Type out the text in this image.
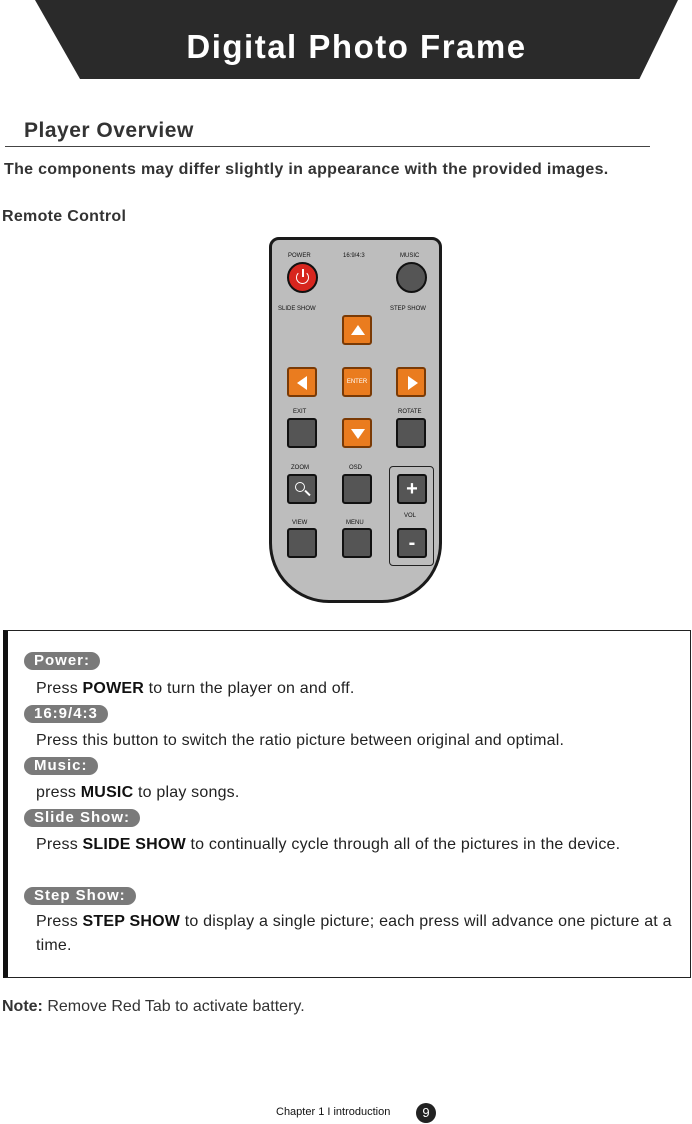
Digital Photo Frame
Player Overview
The components may differ slightly in appearance with the provided images.
Remote Control
POWER	16:9/4:3	MUSIC
SLIDE SHOW	STEP SHOW
ENTER
EXIT	ROTATE
ZOOM	OSD
+
VOL
-
VIEW	MENU
Power:
Press POWER to turn the player on and off.
16:9/4:3
Press this button to switch the ratio picture between original and optimal.
Music:
press MUSIC to play songs.
Slide Show:
Press SLIDE SHOW to continually cycle through all of the pictures in the device.
Step Show:
Press STEP SHOW to display a single picture; each press will advance one picture at a time.
Note: Remove Red Tab to activate battery.
Chapter 1 I introduction	9
